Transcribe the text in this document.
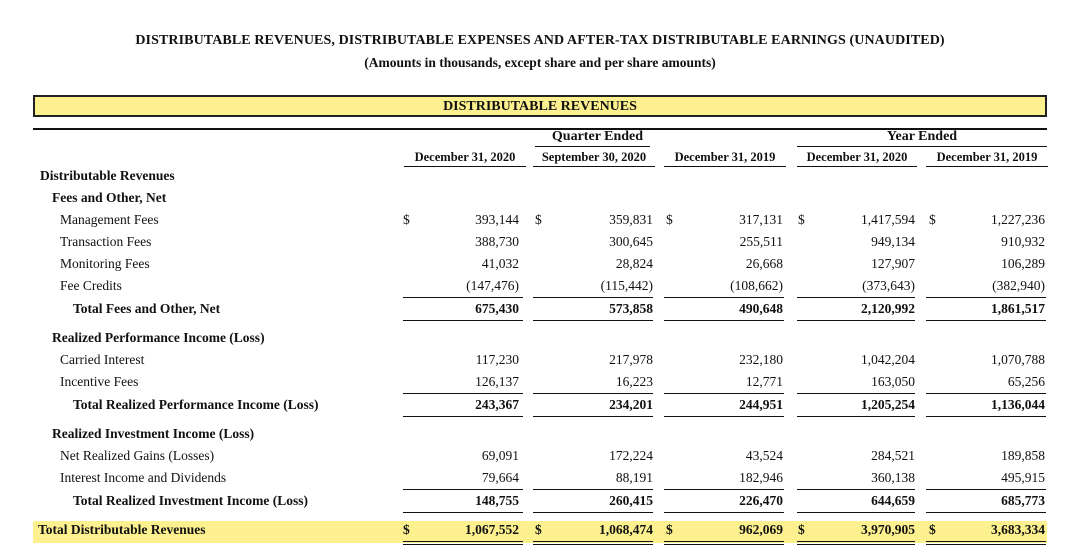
DISTRIBUTABLE REVENUES, DISTRIBUTABLE EXPENSES AND AFTER-TAX DISTRIBUTABLE EARNINGS (UNAUDITED)
(Amounts in thousands, except share and per share amounts)
DISTRIBUTABLE REVENUES
Quarter Ended	Year Ended
December 31, 2020	September 30, 2020	December 31, 2019	December 31, 2020	December 31, 2019
Distributable Revenues
Fees and Other, Net
Management Fees	$	393,144 $	359,831 $	317,131 $	1,417,594 $	1,227,236
Transaction Fees	388,730	300,645	255,511	949,134	910,932
Monitoring Fees	41,032	28,824	26,668	127,907	106,289
Fee Credits	(147,476)	(115,442)	(108,662)	(373,643)	(382,940)
Total Fees and Other, Net	675,430	573,858	490,648	2,120,992	1,861,517
Realized Performance Income (Loss)
Carried Interest	117,230	217,978	232,180	1,042,204	1,070,788
Incentive Fees	126,137	16,223	12,771	163,050	65,256
Total Realized Performance Income (Loss)	243,367	234,201	244,951	1,205,254	1,136,044
Realized Investment Income (Loss)
Net Realized Gains (Losses)	69,091	172,224	43,524	284,521	189,858
Interest Income and Dividends	79,664	88,191	182,946	360,138	495,915
Total Realized Investment Income (Loss)	148,755	260,415	226,470	644,659	685,773
Total Distributable Revenues	$	1,067,552 $	1,068,474 $	962,069 $	3,970,905 $	3,683,334
